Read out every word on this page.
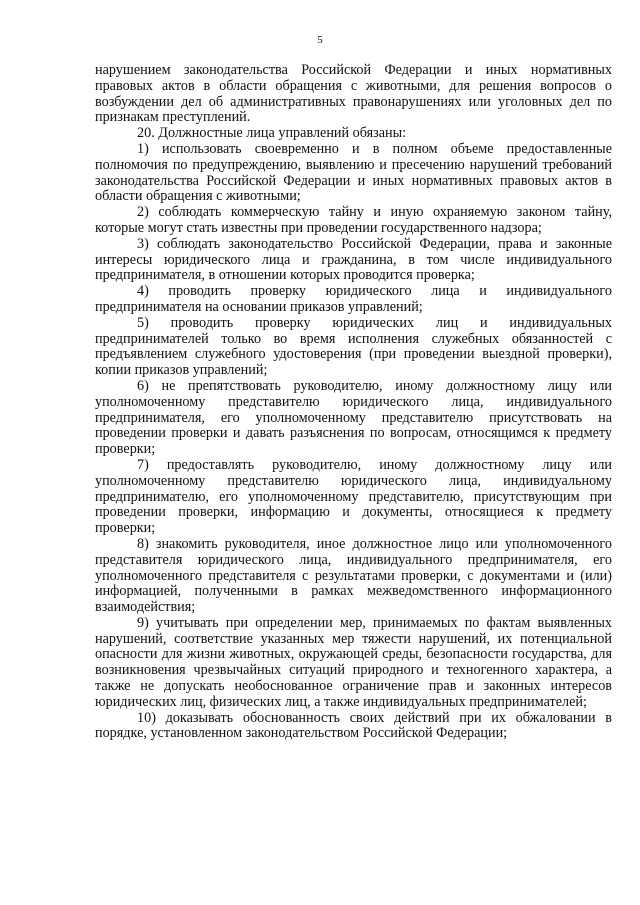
5

нарушением законодательства Российской Федерации и иных нормативных правовых актов в области обращения с животными, для решения вопросов о возбуждении дел об административных правонарушениях или уголовных дел по признакам преступлений.

20. Должностные лица управлений обязаны:

1) использовать своевременно и в полном объеме предоставленные полномочия по предупреждению, выявлению и пресечению нарушений требований законодательства Российской Федерации и иных нормативных правовых актов в области обращения с животными;

2) соблюдать коммерческую тайну и иную охраняемую законом тайну, которые могут стать известны при проведении государственного надзора;

3) соблюдать законодательство Российской Федерации, права и законные интересы юридического лица и гражданина, в том числе индивидуального предпринимателя, в отношении которых проводится проверка;

4) проводить проверку юридического лица и индивидуального предпринимателя на основании приказов управлений;

5) проводить проверку юридических лиц и индивидуальных предпринимателей только во время исполнения служебных обязанностей с предъявлением служебного удостоверения (при проведении выездной проверки), копии приказов управлений;

6) не препятствовать руководителю, иному должностному лицу или уполномоченному представителю юридического лица, индивидуального предпринимателя, его уполномоченному представителю присутствовать на проведении проверки и давать разъяснения по вопросам, относящимся к предмету проверки;

7) предоставлять руководителю, иному должностному лицу или уполномоченному представителю юридического лица, индивидуальному предпринимателю, его уполномоченному представителю, присутствующим при проведении проверки, информацию и документы, относящиеся к предмету проверки;

8) знакомить руководителя, иное должностное лицо или уполномоченного представителя юридического лица, индивидуального предпринимателя, его уполномоченного представителя с результатами проверки, с документами и (или) информацией, полученными в рамках межведомственного информационного взаимодействия;

9) учитывать при определении мер, принимаемых по фактам выявленных нарушений, соответствие указанных мер тяжести нарушений, их потенциальной опасности для жизни животных, окружающей среды, безопасности государства, для возникновения чрезвычайных ситуаций природного и техногенного характера, а также не допускать необоснованное ограничение прав и законных интересов юридических лиц, физических лиц, а также индивидуальных предпринимателей;

10) доказывать обоснованность своих действий при их обжаловании в порядке, установленном законодательством Российской Федерации;
